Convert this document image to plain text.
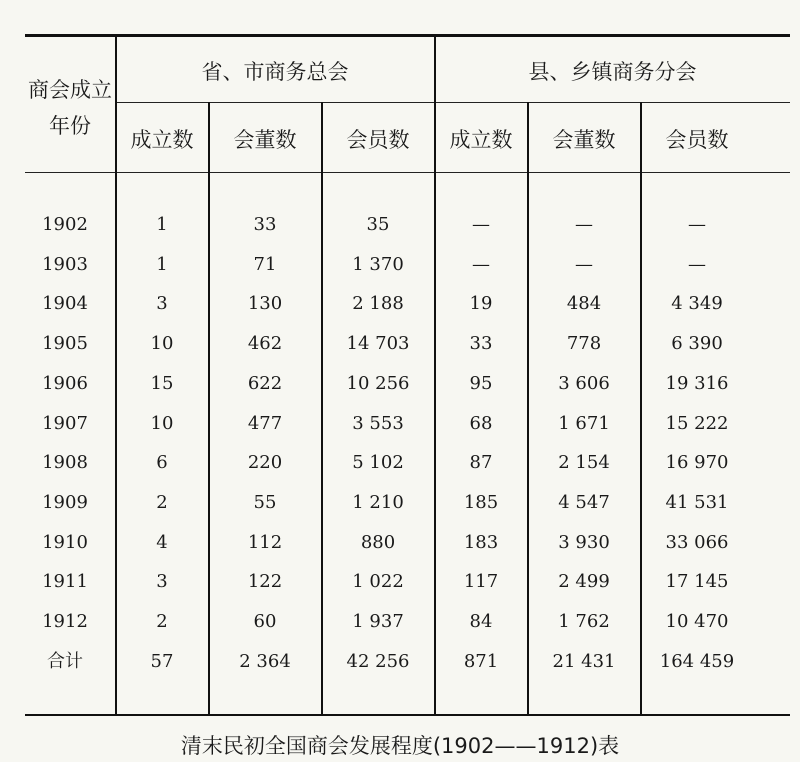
商会成立
年份
省、市商务总会	县、乡镇商务分会
成立数	会董数	会员数	成立数	会董数	会员数
1902	1	33	35	—	—	—
1903	1	71	1 370	—	—	—
1904	3	130	2 188	19	484	4 349
1905	10	462	14 703	33	778	6 390
1906	15	622	10 256	95	3 606	19 316
1907	10	477	3 553	68	1 671	15 222
1908	6	220	5 102	87	2 154	16 970
1909	2	55	1 210	185	4 547	41 531
1910	4	112	880	183	3 930	33 066
1911	3	122	1 022	117	2 499	17 145
1912	2	60	1 937	84	1 762	10 470
合计	57	2 364	42 256	871	21 431	164 459
清末民初全国商会发展程度(1902——1912)表
